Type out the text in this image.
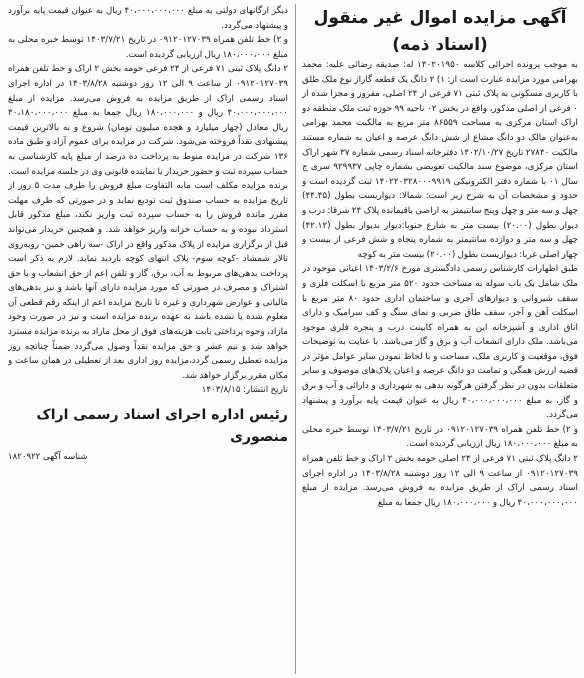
آگهی مزایده اموال غیر منقول
(اسناد ذمه)

به موجب پرونده اجرائی کلاسه ۱۴۰۲۰۱۹۵۰ له: صدیقه رضائی علیه: محمد بهرامی مورد مزایده عبارت است از: ۱) ۲ دانگ یک قطعه گاراژ نوع ملک طلق با کاربری مسکونی به پلاک ثبتی ۷۱ فرعی از ۲۴ اصلی، مفروز و مجزا شده از ۰ فرعی از اصلی مذکور، واقع در بخش ۰۲ ناحیه ۹۹ حوزه ثبت ملک منطقه دو اراک استان مرکزی به مساحت ۸۶۵۵۹ متر مربع به مالکیت محمد بهرامی به‌عنوان مالک دو دانگ مشاع از شش دانگ عرصه و اعیان به شماره مستند مالکیت ۲۷۸۴۰ تاریخ ۱۴۰۲/۱۰/۲۷ دفترخانه اسناد رسمی شماره ۳۷ شهر اراک استان مرکزی، موضوع سند مالکیت تعویضی بشماره چاپی ۹۲۹۹۳۷ سری ج سال ۰۱ با شماره دفتر الکترونیکی ۱۴۰۲۲۰۳۲۸۰۰۰۹۹۱۹ ثبت گردیده است و حدود و مشخصات آن به شرح زیر است: شمالا: دیواریست بطول (۴۴.۴۵) چهل و سه متر و چهل وپنج سانتیمتر به اراضی باقیمانده پلاک ۲۴ شرقا: درب و دیوار بطول (۲۰.۰۰) بیست متر به شارع جنوبا:دیوار بدیوار بطول (۴۲.۱۲) چهل و سه متر و دوازده سانتیمتر به شماره پنجاه و شش فرعی از بیست و چهار اصلی غربا: دیواریست بطول (۲۰.۰۰) بیست متر به کوچه

طبق اظهارات کارشناس رسمی دادگستری مورخ ۱۴۰۳/۲/۶ اعیانی موجود در ملک شامل یک باب سوله به مساحت حدود ۵۲۰ متر مربع با اسکلت فلزی و سقف شیروانی و دیوارهای آجری و ساختمان اداری حدود ۸۰ متر مربع با اسکلت آهن و آجر، سقف طاق ضربی و نمای سنگ و کف سرامیک و دارای اتاق اداری و آشپزخانه این به همراه کابینت درب و پنجره فلزی موجود می‌باشد. ملک دارای انشعاب آب و برق و گاز می‌باشد. با عنایت به توضیحات فوق، موقعیت و کاربری ملک، مساحت و با لحاظ نمودن سایر عوامل مؤثر در قضیه ارزش همگی و تمامت دو دانگ عرصه و اعیان پلاک‌های موصوف و سایر متعلقات بدون در نظر گرفتن هرگونه بدهی به شهرداری و دارائی و آب و برق و گاز، به مبلغ ۴۰،۰۰۰،۰۰۰،۰۰۰ ریال به عنوان قیمت پایه برآورد و پیشنهاد می‌گردد.

و ۲) خط تلفن همراه ۰۹۱۲۰۱۲۷۰۳۹ در تاریخ ۱۴۰۳/۷/۲۱ توسط خبره محلی به مبلغ ۱۸۰،۰۰۰،۰۰۰ ریال ارزیابی گردیده است.

۲ دانگ پلاک ثبتی ۷۱ فرعی از ۲۴ اصلی حومه بخش ۲ اراک و خط تلفن همراه ۰۹۱۲۰۱۲۷۰۳۹ از ساعت ۹ الی ۱۲ روز دوشنبه ۱۴۰۳/۸/۲۸ در اداره اجرای اسناد رسمی اراک از طریق مزایده به فروش می‌رسد. مزایده از مبلغ ۴۰،۰۰۰،۰۰۰،۰۰۰ ریال و ۱۸۰،۰۰۰،۰۰۰ ریال جمعا به مبلغ

دیگر ارگانهای دولتی به مبلغ ۴۰،۰۰۰،۰۰۰،۰۰۰ ریال به عنوان قیمت پایه برآورد و پیشنهاد می‌گردد.

و ۲) خط تلفن همراه ۰۹۱۲۰۱۲۷۰۳۹ در تاریخ ۱۴۰۳/۷/۲۱ توسط خبره محلی به مبلغ ۱۸۰،۰۰۰،۰۰۰ ریال ارزیابی گردیده است.

۲ دانگ پلاک ثبتی ۷۱ فرعی از ۲۴ فرعی حومه بخش ۲ اراک و خط تلفن همراه ۰۹۱۲۰۱۲۷۰۳۹ از ساعت ۹ الی ۱۲ روز دوشنبه ۱۴۰۳/۸/۲۸ در اداره اجرای اسناد رسمی اراک از طریق مزایده به فروش می‌رسد. مزایده از مبلغ ۴۰،۰۰۰،۰۰۰،۰۰۰ ریال و ۱۸۰،۰۰۰،۰۰۰ ریال جمعا به مبلغ ۴۰،۱۸۰،۰۰۰،۰۰۰ ریال معادل (چهار میلیارد و هجده میلیون تومان) شروع و به بالاترین قیمت پیشنهادی نقداً فروخته می‌شود. شرکت در مزایده برای عموم آزاد و طبق ماده ۱۳۶ شرکت در مزایده منوط به پرداخت ده درصد از مبلغ پایه کارشناسی به حساب سپرده ثبت و حضور خریدار یا نماینده قانونی وی در جلسه مزایده است. برنده مزایده مکلف است مابه التفاوت مبلغ فروش را ظرف مدت ۵ روز از تاریخ مزایده به حساب صندوق ثبت تودیع نماید و در صورتی که ظرف مهلت مقرر مانده فروش را به حساب سپرده ثبت واریز نکند، مبلغ مذکور قابل استرداد نبوده و به حساب خزانه واریز خواهد شد. و همچنین خریدار می‌تواند قبل از برگزاری مزایده از پلاک مذکور واقع در اراک -سه راهی خمین- روبه‌روی تالار شمشاد -کوچه سوم- پلاک انتهای کوچه بازدید نماید. لازم به ذکر است پرداخت بدهی‌های مربوط به آب، برق، گاز و تلفن اعم از حق انشعاب و یا حق اشتراک و مصرف در صورتی که مورد مزایده دارای آنها باشد و نیز بدهی‌های مالیاتی و عوارض شهرداری و غیره تا تاریخ مزایده اعم از اینکه رقم قطعی آن معلوم شده یا نشده باشد به عهده برنده مزایده است و نیز در صورت وجود مازاد، وجوه پرداختی بابت هزینه‌های فوق از محل مازاد به برنده مزایده مسترد خواهد شد و نیم عشر و حق مزایده نقداً وصول می‌گردد ضمناً چنانچه روز مزایده تعطیل رسمی گردد،مزایده روز اداری بعد از تعطیلی در همان ساعت و مکان مقرر برگزار خواهد شد.

تاریخ انتشار: ۱۴۰۳/۸/۱۵

رئیس اداره اجرای اسناد رسمی اراک
منصوری
شناسه آگهی ۱۸۲۰۹۲۲
